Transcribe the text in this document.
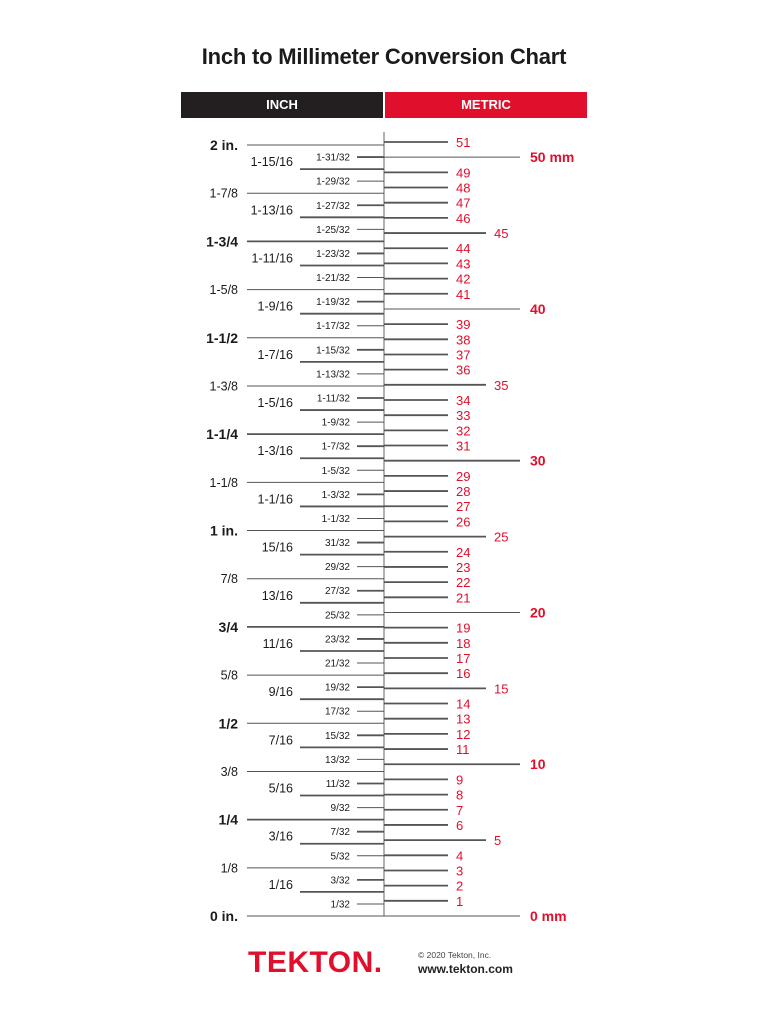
Inch to Millimeter Conversion Chart
INCH	METRIC
0 in.
1/32
1/16	3/32
1/8
5/32
3/16	7/32
1/4
9/32
5/16	11/32
3/8
13/32
7/16	15/32
1/2
17/32
9/16	19/32
5/8
21/32
11/16	23/32
3/4
25/32
13/16	27/32
7/8
29/32
15/16	31/32
1 in.
1-1/32
1-1/16	1-3/32
1-1/8
1-5/32
1-3/16	1-7/32
1-1/4
1-9/32
1-5/16 1-11/32
1-3/8
1-13/32
1-7/16 1-15/32
1-1/2
1-17/32
1-9/16 1-19/32
1-5/8
1-21/32
1-11/16 1-23/32
1-3/4
1-25/32
1-13/16 1-27/32
1-7/8
1-29/32
1-15/16 1-31/32
2 in.
0 mm
1
2
3
4
5
6
7
8
9
10
11
12
13
14
15
16
17
18
19
20
21
22
23
24
25
26
27
28
29
30
31
32
33
34
35
36
37
38
39
40
41
42
43
44
45
46
47
48
49
50 mm
51
TEKTON.	© 2020 Tekton, Inc.
www.tekton.com
